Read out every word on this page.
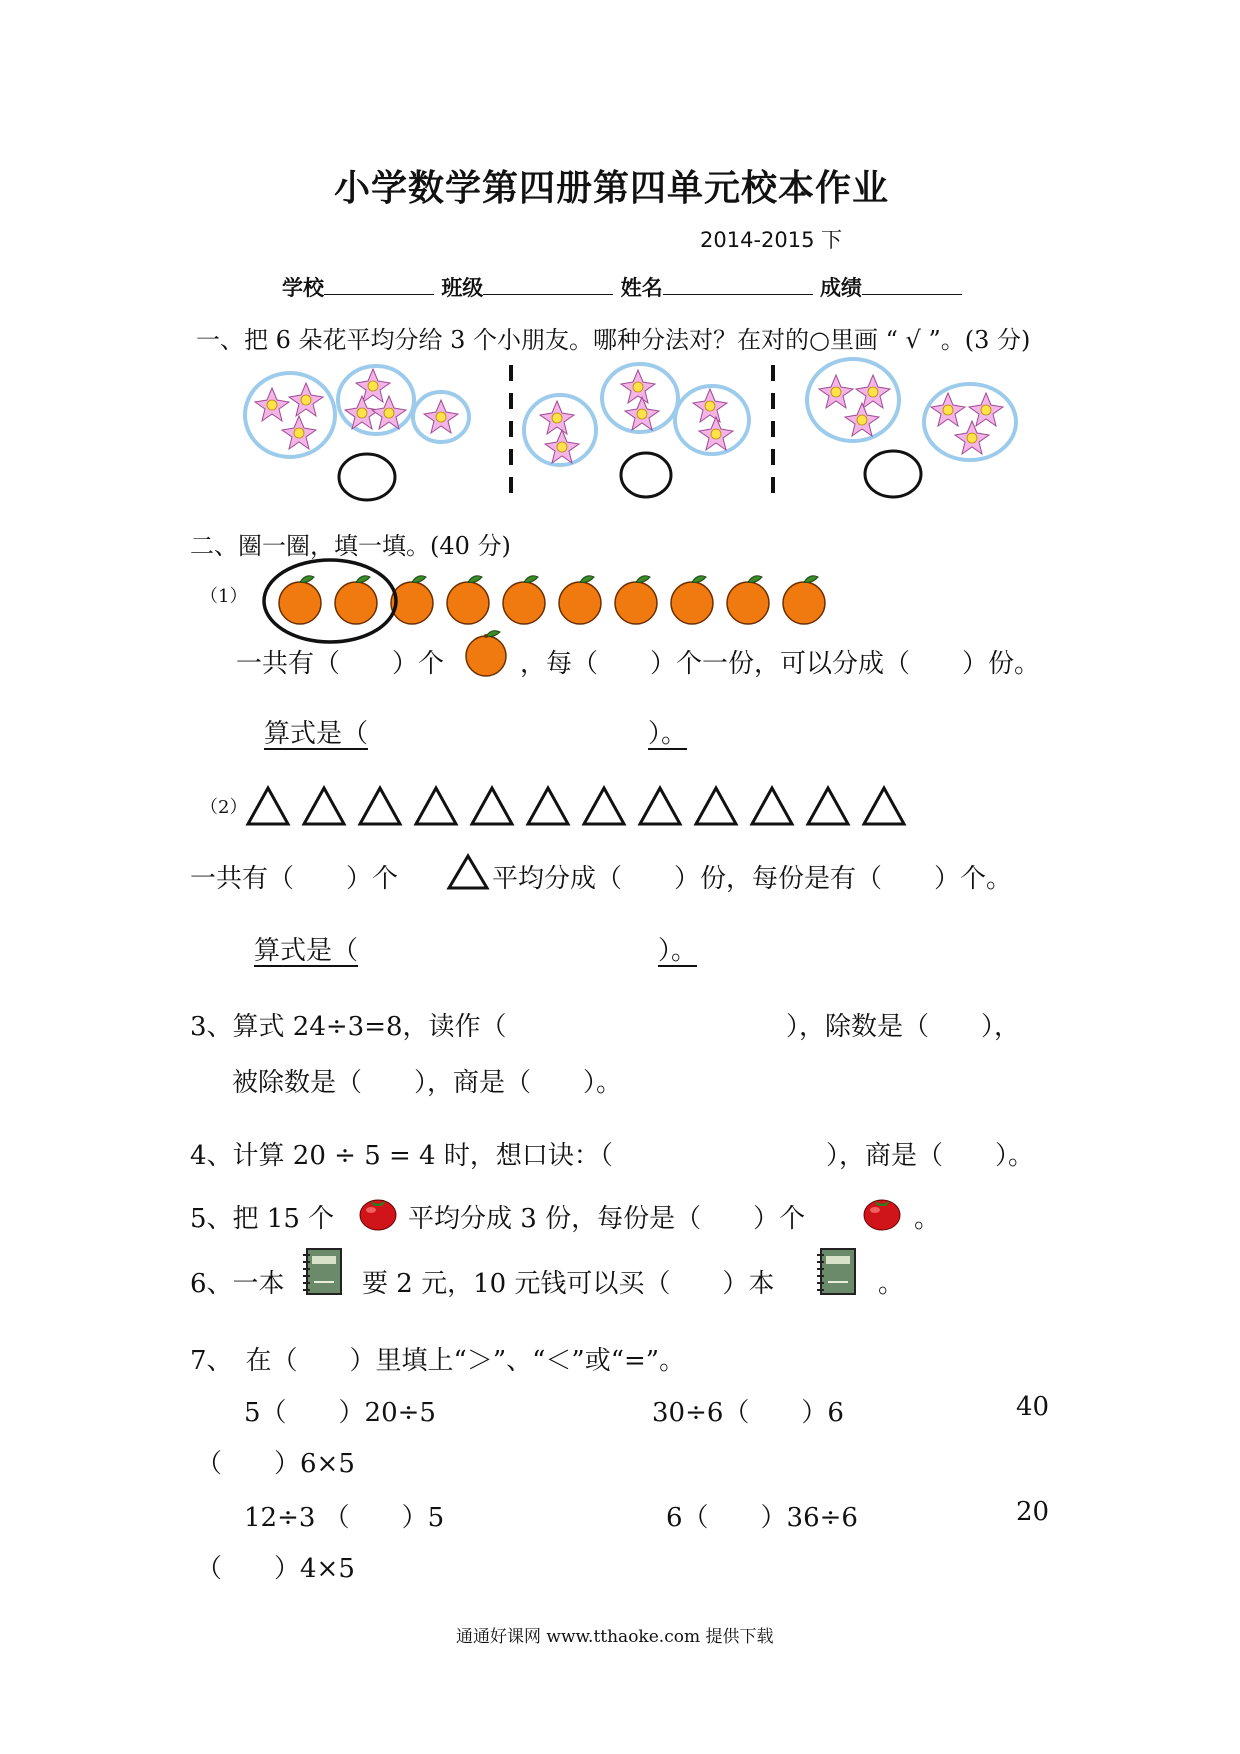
小学数学第四册第四单元校本作业
2014-2015 下
学校	班级	姓名	成绩
一、把 6 朵花平均分给 3 个小朋友。哪种分法对？在对的○里画 “ √ ”。(3 分)
二、圈一圈，填一填。(40 分)
（1）
一共有（　　）个	，每（　　）个一份，可以分成（　　）份。
算式是（	）。
（2）
一共有（　　）个	平均分成（　　）份，每份是有（　　）个。
算式是（	）。
3、算式 24÷3=8，读作（	），除数是（　　），
被除数是（　　），商是（　　）。
4、计算 20 ÷ 5 = 4 时，想口诀：（	），商是（　　）。
5、把 15 个	平均分成 3 份，每份是（　　）个	。
6、一本	要 2 元，10 元钱可以买（　　）本	。
7、　在（　　）里填上“＞”、“＜”或“=”。
5（　　）20÷5	30÷6（　　）6	40
（　　）6×5
12÷3 （　　）5	6（　　）36÷6	20
（　　）4×5
通通好课网 www.tthaoke.com 提供下载
